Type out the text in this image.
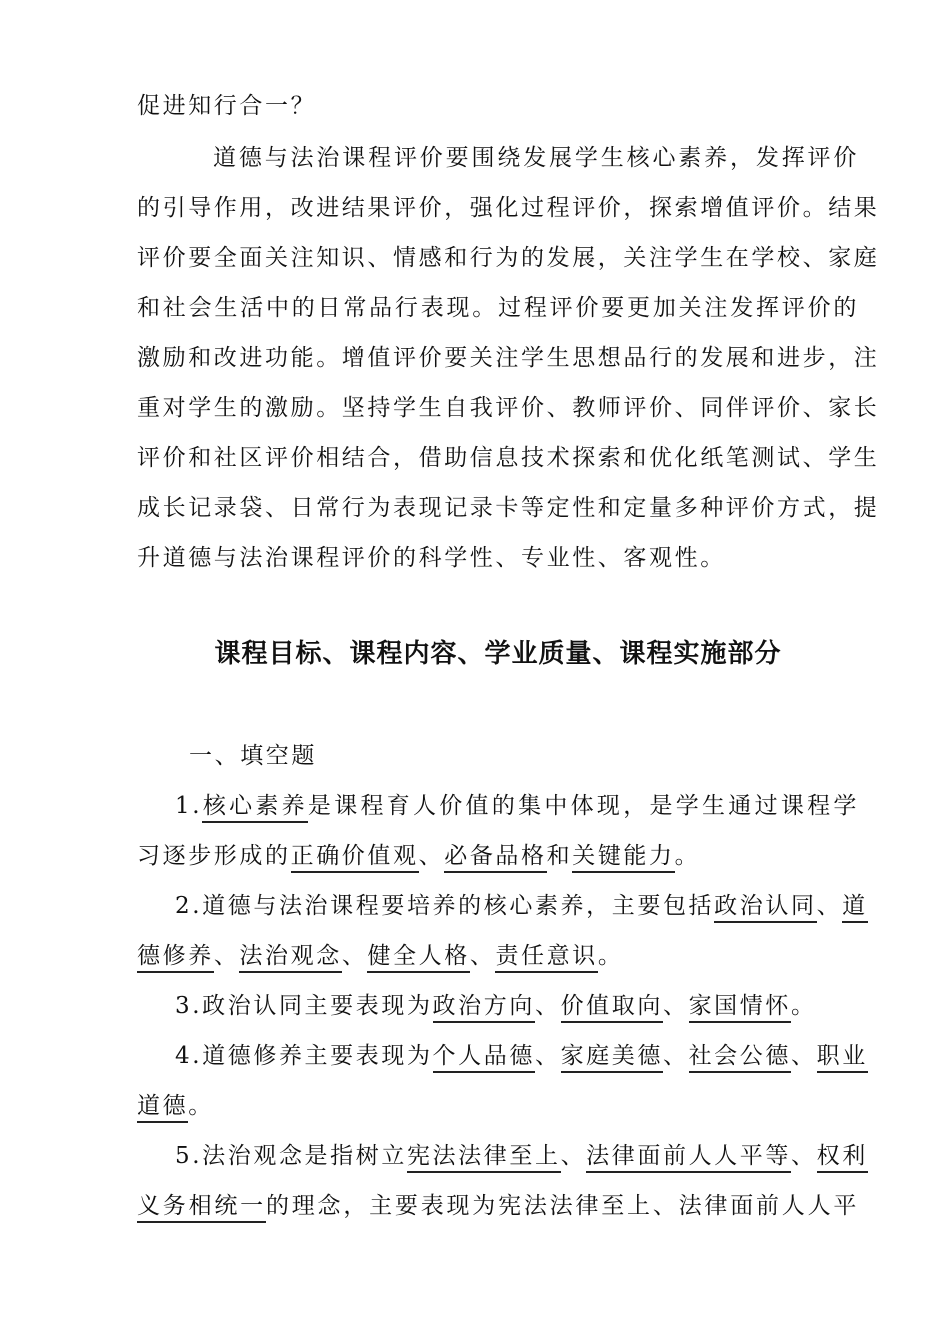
促进知行合一？
道德与法治课程评价要围绕发展学生核心素养，发挥评价
的引导作用，改进结果评价，强化过程评价，探索增值评价。结果
评价要全面关注知识、情感和行为的发展，关注学生在学校、家庭
和社会生活中的日常品行表现。过程评价要更加关注发挥评价的
激励和改进功能。增值评价要关注学生思想品行的发展和进步，注
重对学生的激励。坚持学生自我评价、教师评价、同伴评价、家长
评价和社区评价相结合，借助信息技术探索和优化纸笔测试、学生
成长记录袋、日常行为表现记录卡等定性和定量多种评价方式，提
升道德与法治课程评价的科学性、专业性、客观性。
课程目标、课程内容、学业质量、课程实施部分
一、填空题
1.核心素养是课程育人价值的集中体现，是学生通过课程学
习逐步形成的正确价值观、必备品格和关键能力。
2.道德与法治课程要培养的核心素养，主要包括政治认同、道
德修养、法治观念、健全人格、责任意识。
3.政治认同主要表现为政治方向、价值取向、家国情怀。
4.道德修养主要表现为个人品德、家庭美德、社会公德、职业
道德。
5.法治观念是指树立宪法法律至上、法律面前人人平等、权利
义务相统一的理念，主要表现为宪法法律至上、法律面前人人平
